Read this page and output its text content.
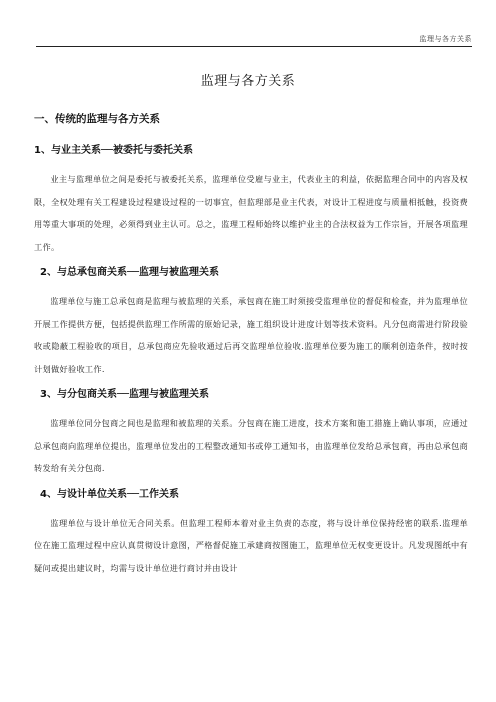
监理与各方关系
监理与各方关系
一、传统的监理与各方关系
1、与业主关系──被委托与委托关系
业主与监理单位之间是委托与被委托关系，监理单位受雇与业主，代表业主的利益，依据监理合同中的内容及权限，全权处理有关工程建设过程建设过程的一切事宜，但监理部是业主代表，对设计工程进度与质量相抵触，投资费用等重大事项的处理，必须得到业主认可。总之，监理工程师始终以维护业主的合法权益为工作宗旨，开展各项监理工作。
2、与总承包商关系──监理与被监理关系
监理单位与施工总承包商是监理与被监理的关系，承包商在施工时须接受监理单位的督促和检查，并为监理单位开展工作提供方便，包括提供监理工作所需的原始记录，施工组织设计进度计划等技术资料。凡分包商需进行阶段验收或隐蔽工程验收的项目，总承包商应先验收通过后再交监理单位验收.监理单位要为施工的顺利创造条件，按时按计划做好验收工作.
3、与分包商关系──监理与被监理关系
监理单位同分包商之间也是监理和被监理的关系。分包商在施工进度，技术方案和施工措施上确认事项，应通过总承包商向监理单位提出，监理单位发出的工程整改通知书或停工通知书，由监理单位发给总承包商，再由总承包商转发给有关分包商.
4、与设计单位关系──工作关系
监理单位与设计单位无合同关系。但监理工程师本着对业主负责的态度，将与设计单位保持经密的联系.监理单位在施工监理过程中应认真贯彻设计意图，严格督促施工承建商按图施工，监理单位无权变更设计。凡发现图纸中有疑问或提出建议时，均需与设计单位进行商讨并由设计
